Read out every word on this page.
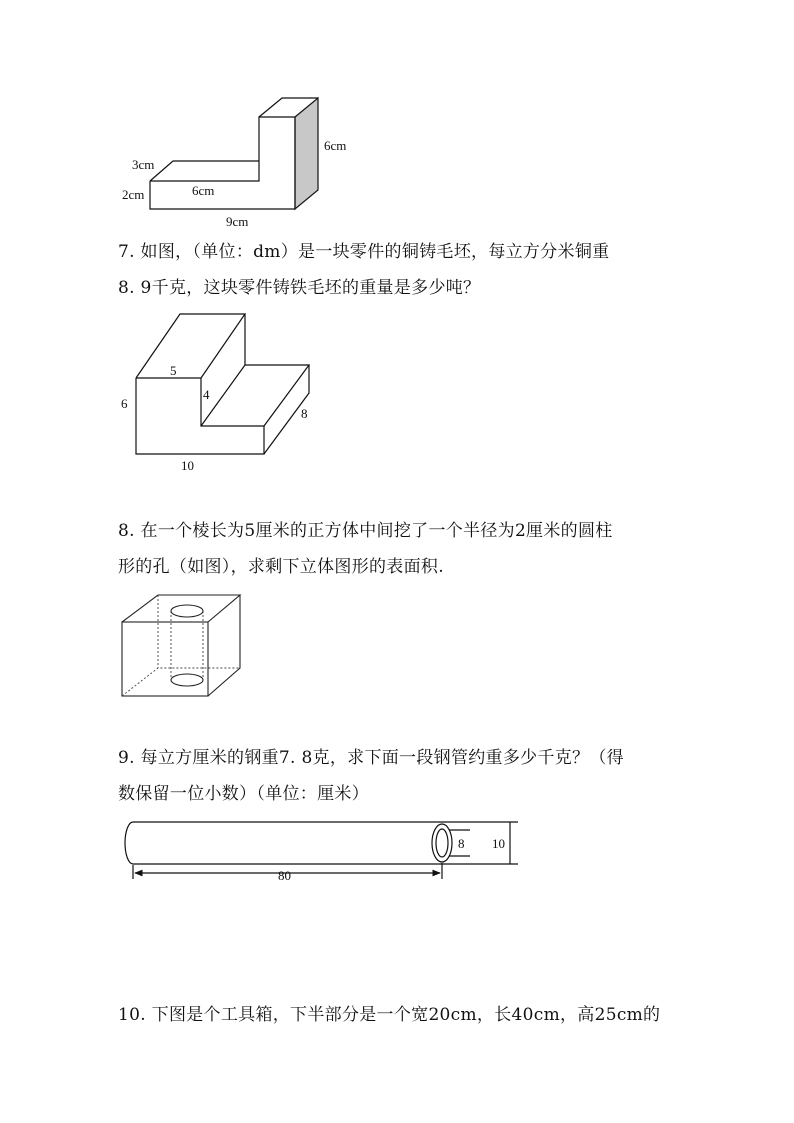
3cm
2cm	6cm
9cm
6cm
7. 如图，（单位：dm）是一块零件的铜铸毛坯，每立方分米铜重
8. 9千克，这块零件铸铁毛坯的重量是多少吨？
5
4
6
8
10
8. 在一个棱长为5厘米的正方体中间挖了一个半径为2厘米的圆柱
形的孔（如图），求剩下立体图形的表面积.
9. 每立方厘米的钢重7. 8克，求下面一段钢管约重多少千克？（得
数保留一位小数）（单位：厘米）
8 10
80
10. 下图是个工具箱，下半部分是一个宽20cm，长40cm，高25cm的
